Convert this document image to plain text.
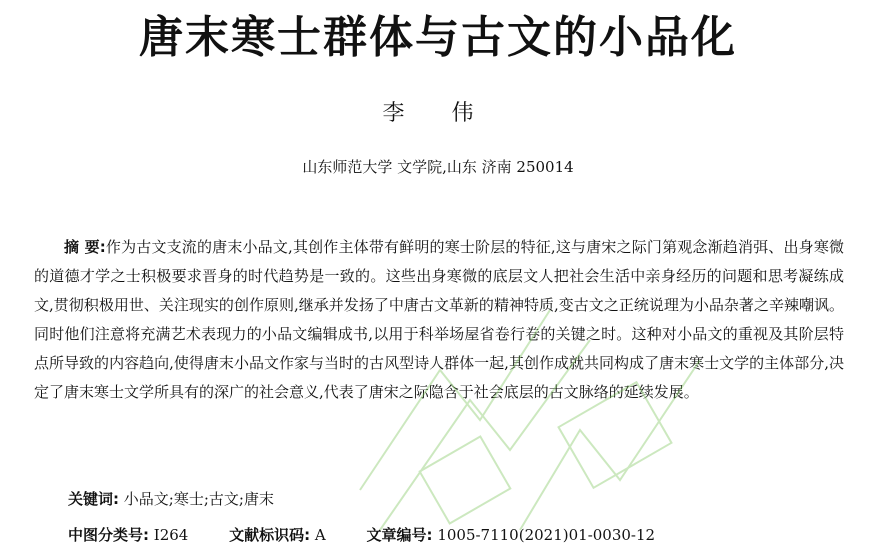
唐末寒士群体与古文的小品化
李 伟
山东师范大学 文学院,山东 济南 250014
摘 要:作为古文支流的唐末小品文,其创作主体带有鲜明的寒士阶层的特征,这与唐宋之际门第观念渐趋消弭、出身寒微的道德才学之士积极要求晋身的时代趋势是一致的。这些出身寒微的底层文人把社会生活中亲身经历的问题和思考凝练成文,贯彻积极用世、关注现实的创作原则,继承并发扬了中唐古文革新的精神特质,变古文之正统说理为小品杂著之辛辣嘲讽。同时他们注意将充满艺术表现力的小品文编辑成书,以用于科举场屋省卷行卷的关键之时。这种对小品文的重视及其阶层特点所导致的内容趋向,使得唐末小品文作家与当时的古风型诗人群体一起,其创作成就共同构成了唐末寒士文学的主体部分,决定了唐末寒士文学所具有的深广的社会意义,代表了唐宋之际隐含于社会底层的古文脉络的延续发展。
关键词: 小品文;寒士;古文;唐末
中图分类号: I264	文献标识码: A	文章编号: 1005-7110(2021)01-0030-12
